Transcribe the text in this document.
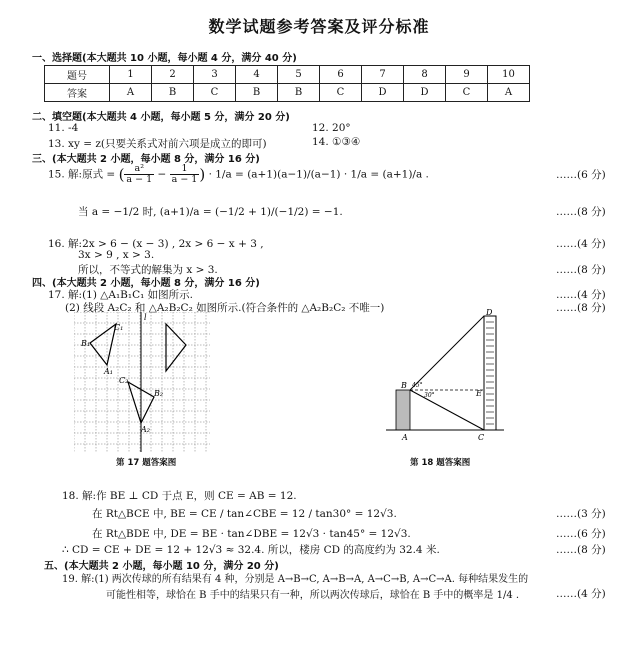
数学试题参考答案及评分标准
一、选择题(本大题共 10 小题，每小题 4 分，满分 40 分)
题号	1	2	3	4	5	6	7	8	9	10
答案	A	B	C	B	B	C	D	D	C	A
二、填空题(本大题共 4 小题，每小题 5 分，满分 20 分)
11. -4	12. 20°
13. xy = z(只要关系式对前六项是成立的即可)	14. ①③④
三、(本大题共 2 小题，每小题 8 分，满分 16 分)
15. 解:原式 = ( $\frac{\text{a²}}{a - 1} - \frac{1}{a - 1}$ ) · 1/a = (a+1)(a−1)/(a−1) · 1/a = (a+1)/a .	……(6 分)
当 a = −1/2 时, (a+1)/a = (−1/2 + 1)/(−1/2) = −1.	……(8 分)
16. 解:2x > 6 − (x − 3) , 2x > 6 − x + 3 ,	……(4 分)
3x > 9 , x > 3.
所以，不等式的解集为 x > 3.	……(8 分)
四、(本大题共 2 小题，每小题 8 分，满分 16 分)
17. 解:(1) △A₁B₁C₁ 如图所示.	……(4 分)
(2) 线段 A₂C₂ 和 △A₂B₂C₂ 如图所示.(符合条件的 △A₂B₂C₂ 不唯一)	……(8 分)
l
C₁
B₁
A₁
C₂
B₂
A₂
第 17 题答案图
45°
30°
D
B
E
A	C
第 18 题答案图
18. 解:作 BE ⊥ CD 于点 E，则 CE = AB = 12.
在 Rt△BCE 中, BE = CE / tan∠CBE = 12 / tan30° = 12√3.	……(3 分)
在 Rt△BDE 中, DE = BE · tan∠DBE = 12√3 · tan45° = 12√3.	……(6 分)
∴ CD = CE + DE = 12 + 12√3 ≈ 32.4. 所以，楼房 CD 的高度约为 32.4 米.	……(8 分)
五、(本大题共 2 小题，每小题 10 分，满分 20 分)
19. 解:(1) 两次传球的所有结果有 4 种，分别是 A→B→C, A→B→A, A→C→B, A→C→A. 每种结果发生的
可能性相等，球恰在 B 手中的结果只有一种，所以两次传球后，球恰在 B 手中的概率是 1/4 .	……(4 分)
